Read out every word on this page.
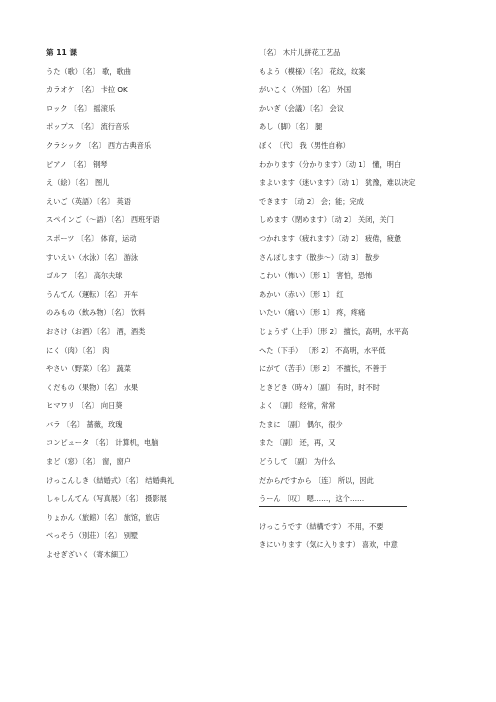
第 11 课
うた（歌）〔名〕 歌，歌曲
カラオケ 〔名〕 卡拉 OK
ロック 〔名〕 摇滚乐
ポップス 〔名〕 流行音乐
クラシック 〔名〕 西方古典音乐
ピアノ 〔名〕 钢琴
え（絵）〔名〕 图儿
えいご（英語）〔名〕 英语
スペインご（～語）〔名〕 西班牙语
スポーツ 〔名〕 体育，运动
すいえい（水泳）〔名〕 游泳
ゴルフ 〔名〕 高尔夫球
うんてん（運転）〔名〕 开车
のみもの（飲み物）〔名〕 饮料
おさけ（お酒）〔名〕 酒，酒类
にく（肉）〔名〕 肉
やさい（野菜）〔名〕 蔬菜
くだもの（果物）〔名〕 水果
ヒマワリ 〔名〕 向日葵
バラ 〔名〕 蔷薇，玫瑰
コンピュータ 〔名〕 计算机，电脑
まど（窓）〔名〕 窗，窗户
けっこんしき（結婚式）〔名〕 结婚典礼
しゃしんてん（写真展）〔名〕 摄影展
りょかん（旅館）〔名〕 旅馆，旅店
べっそう（別荘）〔名〕 别墅
よせぎざいく（寄木細工）
〔名〕 木片儿拼花工艺品
もよう（模様）〔名〕 花纹，纹案
がいこく（外国）〔名〕 外国
かいぎ（会議）〔名〕 会议
あし（脚）〔名〕 腿
ぼく 〔代〕 我（男性自称）
わかります（分かります）〔动 1〕 懂，明白
まよいます（迷います）〔动 1〕 犹豫，难以决定
できます 〔动 2〕 会；能；完成
しめます（閉めます）〔动 2〕 关闭，关门
つかれます（疲れます）〔动 2〕 疲倦，疲惫
さんぽします（散歩～）〔动 3〕 散步
こわい（怖い）〔形 1〕 害怕，恐怖
あかい（赤い）〔形 1〕 红
いたい（痛い）〔形 1〕 疼，疼痛
じょうず（上手）〔形 2〕 擅长，高明，水平高
へた（下手） 〔形 2〕 不高明，水平低
にがて（苦手）〔形 2〕 不擅长，不善于
ときどき（時々）〔副〕 有时，时不时
よく 〔副〕 经常，常常
たまに 〔副〕 偶尔，很少
また 〔副〕 还，再，又
どうして 〔副〕 为什么
だから/ですから 〔连〕 所以，因此
うーん 〔叹〕 嗯……，这个……
けっこうです（結構です） 不用，不要
きにいります（気に入ります） 喜欢，中意
